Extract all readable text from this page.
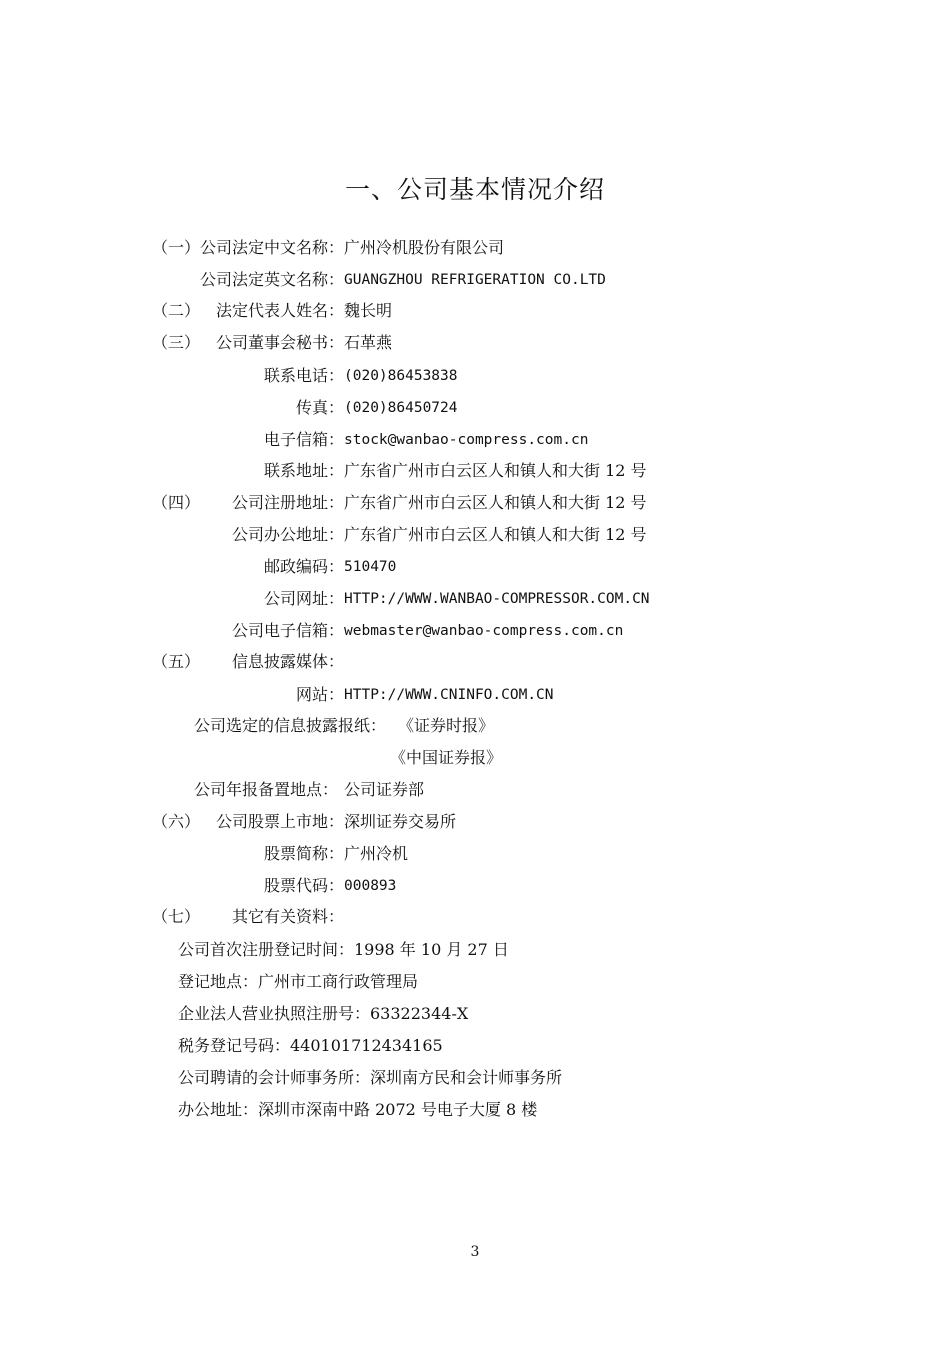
一、公司基本情况介绍
（一） 公司法定中文名称： 广州冷机股份有限公司
公司法定英文名称： GUANGZHOU REFRIGERATION CO.LTD
（二） 法定代表人姓名： 魏长明
（三） 公司董事会秘书： 石革燕
联系电话： (020)86453838
传真： (020)86450724
电子信箱： stock@wanbao-compress.com.cn
联系地址： 广东省广州市白云区人和镇人和大街 12 号
（四）	公司注册地址： 广东省广州市白云区人和镇人和大街 12 号
公司办公地址： 广东省广州市白云区人和镇人和大街 12 号
邮政编码： 510470
公司网址： HTTP://WWW.WANBAO-COMPRESSOR.COM.CN
公司电子信箱： webmaster@wanbao-compress.com.cn
（五）	信息披露媒体：
网站： HTTP://WWW.CNINFO.COM.CN
公司选定的信息披露报纸： 《证券时报》
《中国证券报》
公司年报备置地点： 公司证券部
（六） 公司股票上市地： 深圳证券交易所
股票简称： 广州冷机
股票代码： 000893
（七）	其它有关资料：
公司首次注册登记时间：1998 年 10 月 27 日
登记地点：广州市工商行政管理局
企业法人营业执照注册号：63322344-X
税务登记号码：440101712434165
公司聘请的会计师事务所：深圳南方民和会计师事务所
办公地址：深圳市深南中路 2072 号电子大厦 8 楼
3
